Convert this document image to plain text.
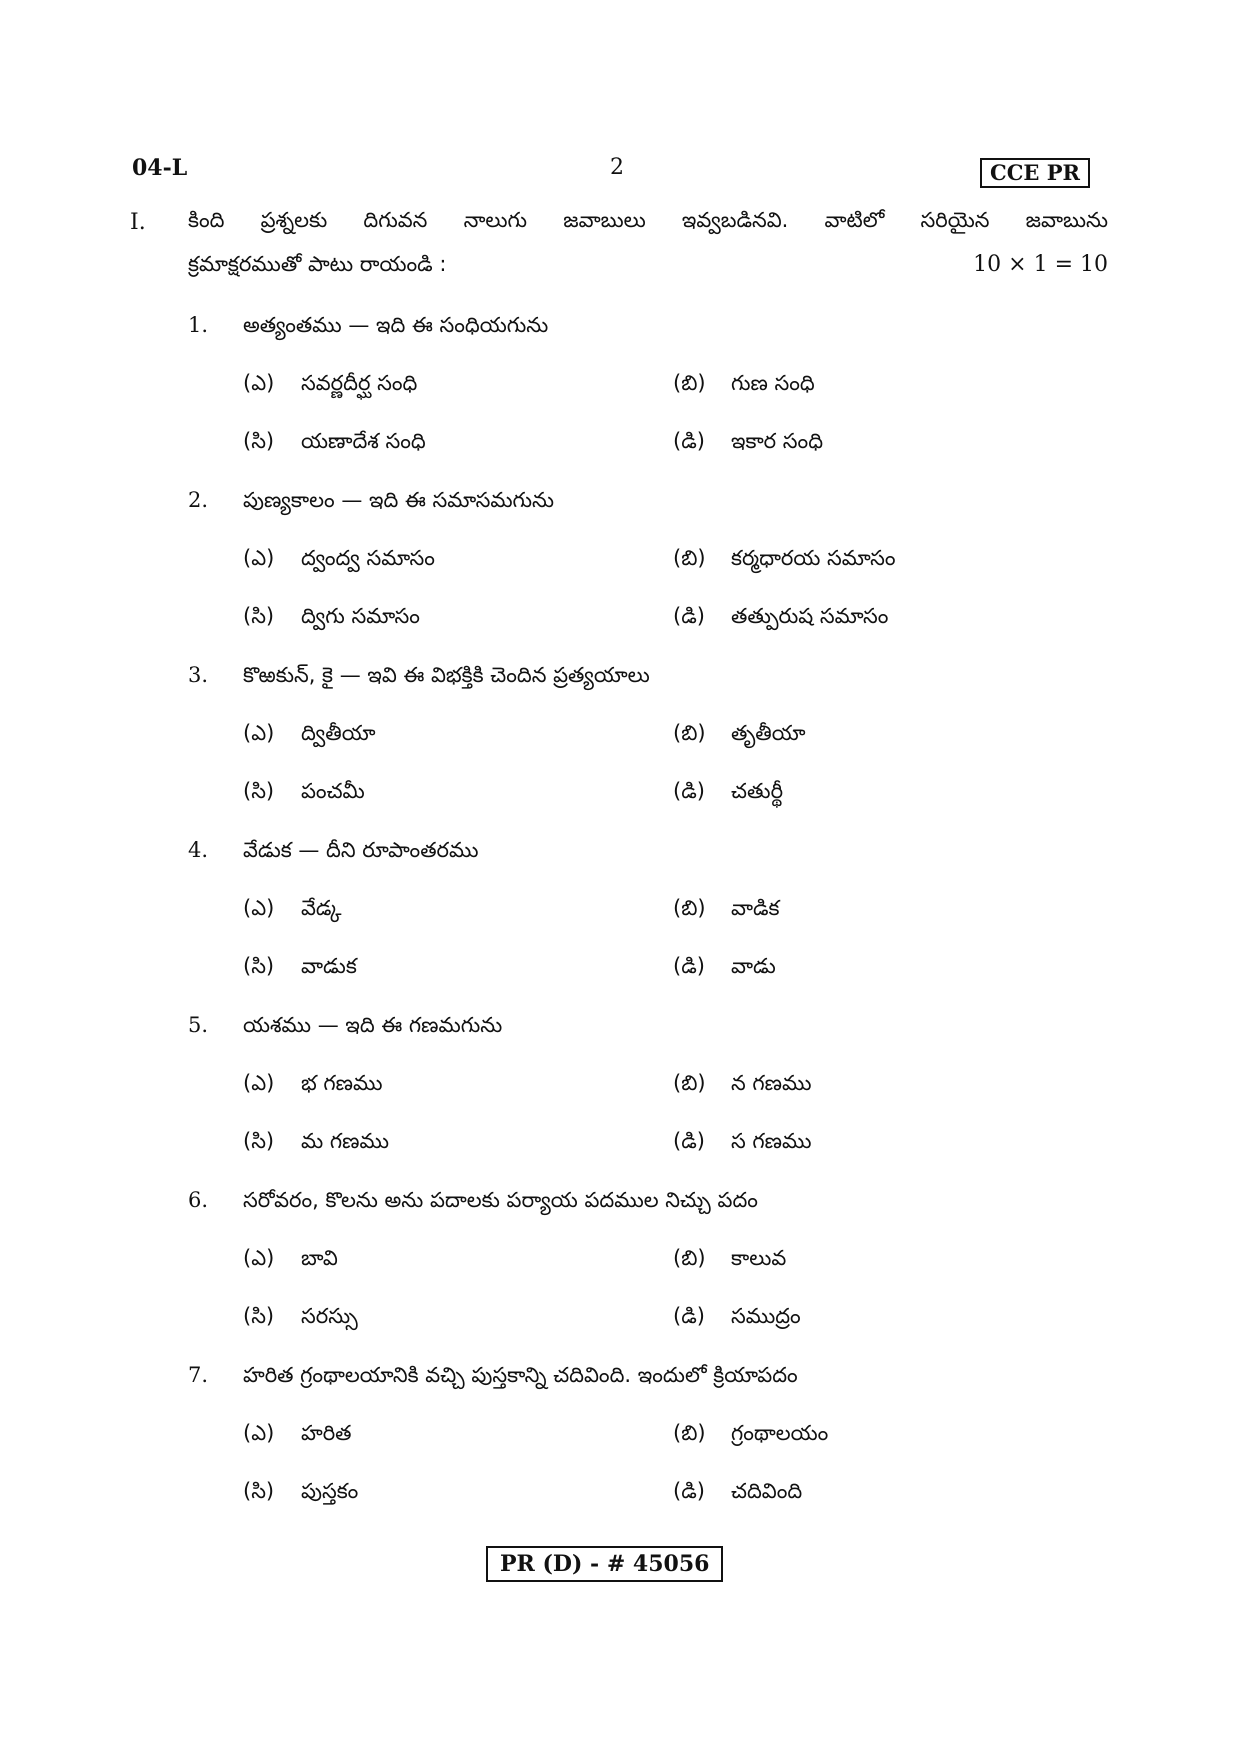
04-L	2	CCE PR
I. కింది ప్రశ్నలకు దిగువన నాలుగు జవాబులు ఇవ్వబడినవి. వాటిలో సరియైన జవాబును
క్రమాక్షరముతో పాటు రాయండి :	10 × 1 = 10
1. అత్యంతము — ఇది ఈ సంధియగును
(ఎ) సవర్ణదీర్ఘ సంధి	(బి) గుణ సంధి
(సి) యణాదేశ సంధి	(డి) ఇకార సంధి
2. పుణ్యకాలం — ఇది ఈ సమాసమగును
(ఎ) ద్వంద్వ సమాసం	(బి) కర్మధారయ సమాసం
(సి) ద్విగు సమాసం	(డి) తత్పురుష సమాసం
3. కొఱకున్, కై — ఇవి ఈ విభక్తికి చెందిన ప్రత్యయాలు
(ఎ) ద్వితీయా	(బి) తృతీయా
(సి) పంచమీ	(డి) చతుర్థీ
4. వేడుక — దీని రూపాంతరము
(ఎ) వేడ్క	(బి) వాడిక
(సి) వాడుక	(డి) వాడు
5. యశము — ఇది ఈ గణమగును
(ఎ) భ గణము	(బి) న గణము
(సి) మ గణము	(డి) స గణము
6. సరోవరం, కొలను అను పదాలకు పర్యాయ పదముల నిచ్చు పదం
(ఎ) బావి	(బి) కాలువ
(సి) సరస్సు	(డి) సముద్రం
7. హరిత గ్రంథాలయానికి వచ్చి పుస్తకాన్ని చదివింది. ఇందులో క్రియాపదం
(ఎ) హరిత	(బి) గ్రంథాలయం
(సి) పుస్తకం	(డి) చదివింది
PR (D) - # 45056
